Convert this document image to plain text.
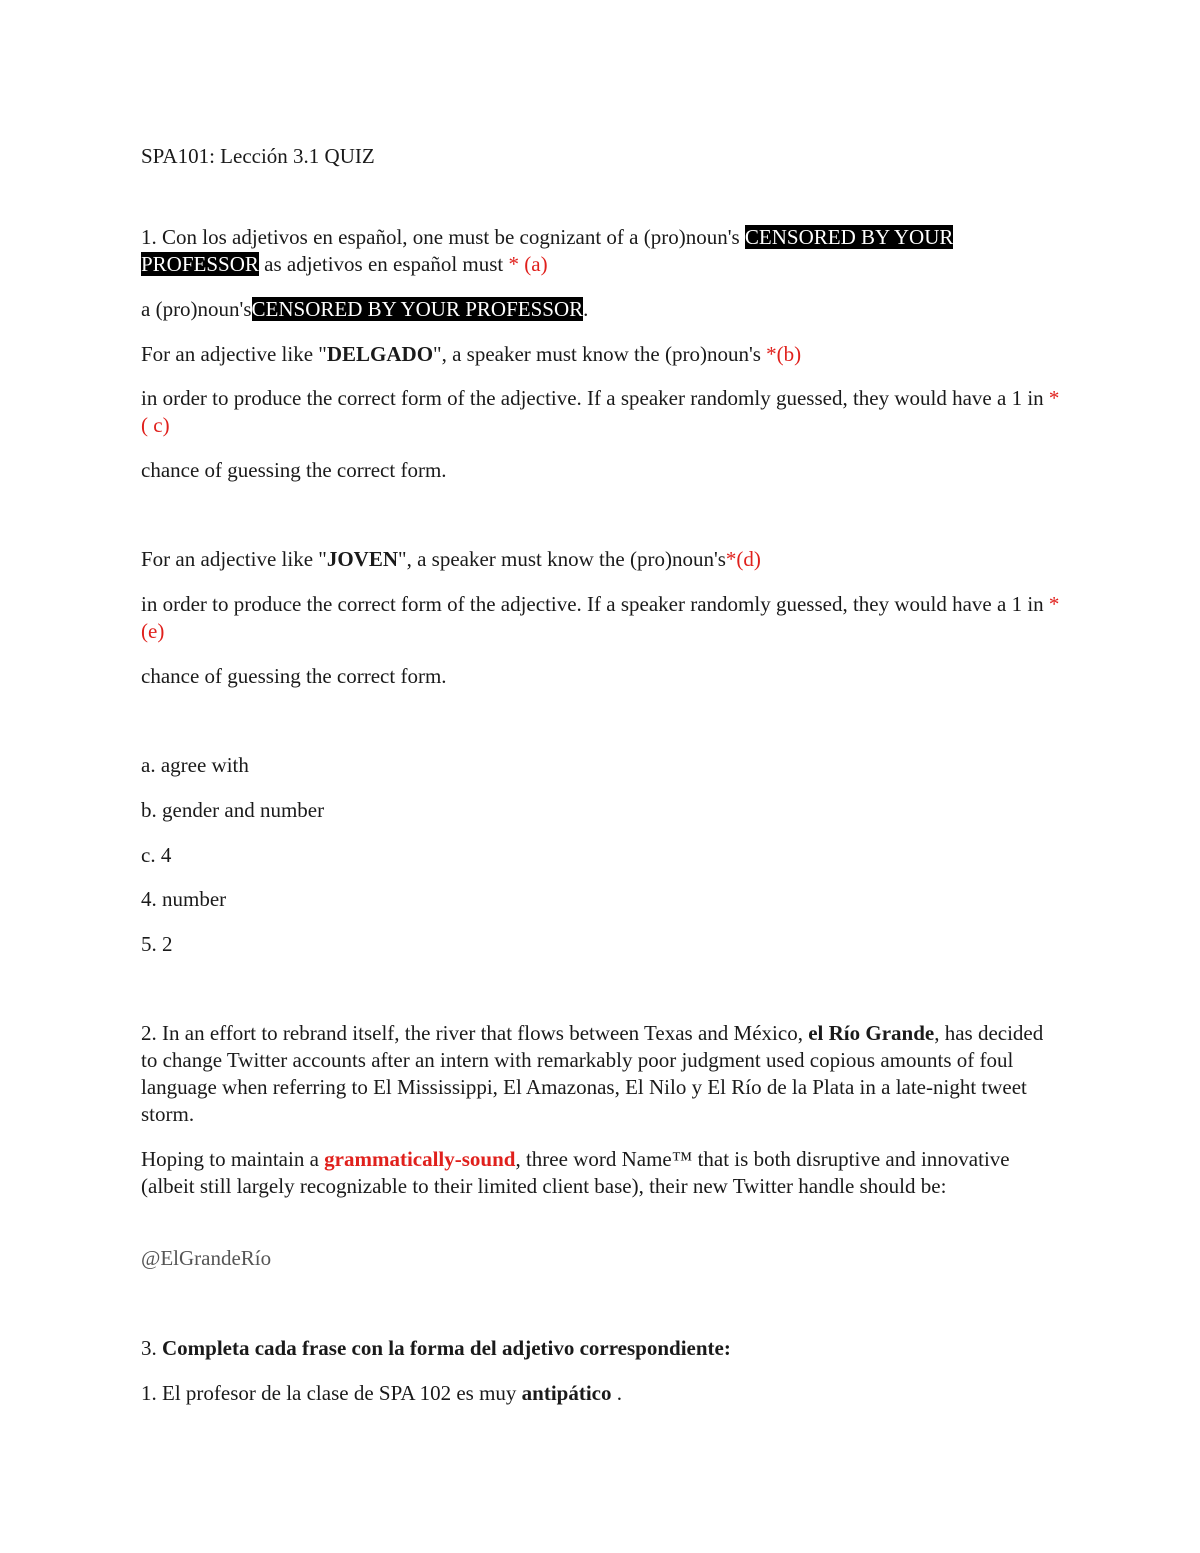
SPA101: Lección 3.1 QUIZ

1. Con los adjetivos en español, one must be cognizant of a (pro)noun's CENSORED BY YOUR PROFESSOR as adjetivos en español must * (a)

a (pro)noun'sCENSORED BY YOUR PROFESSOR.

For an adjective like "DELGADO", a speaker must know the (pro)noun's *(b)

in order to produce the correct form of the adjective. If a speaker randomly guessed, they would have a 1 in *( c)

chance of guessing the correct form.

For an adjective like "JOVEN", a speaker must know the (pro)noun's*(d)

in order to produce the correct form of the adjective. If a speaker randomly guessed, they would have a 1 in *(e)

chance of guessing the correct form.

a. agree with

b. gender and number

c. 4

4. number

5. 2

2. In an effort to rebrand itself, the river that flows between Texas and México, el Río Grande, has decided to change Twitter accounts after an intern with remarkably poor judgment used copious amounts of foul language when referring to El Mississippi, El Amazonas, El Nilo y El Río de la Plata in a late-night tweet storm.

Hoping to maintain a grammatically-sound, three word Name™ that is both disruptive and innovative (albeit still largely recognizable to their limited client base), their new Twitter handle should be:

@ElGrandeRío

3. Completa cada frase con la forma del adjetivo correspondiente:

1. El profesor de la clase de SPA 102 es muy antipático .
